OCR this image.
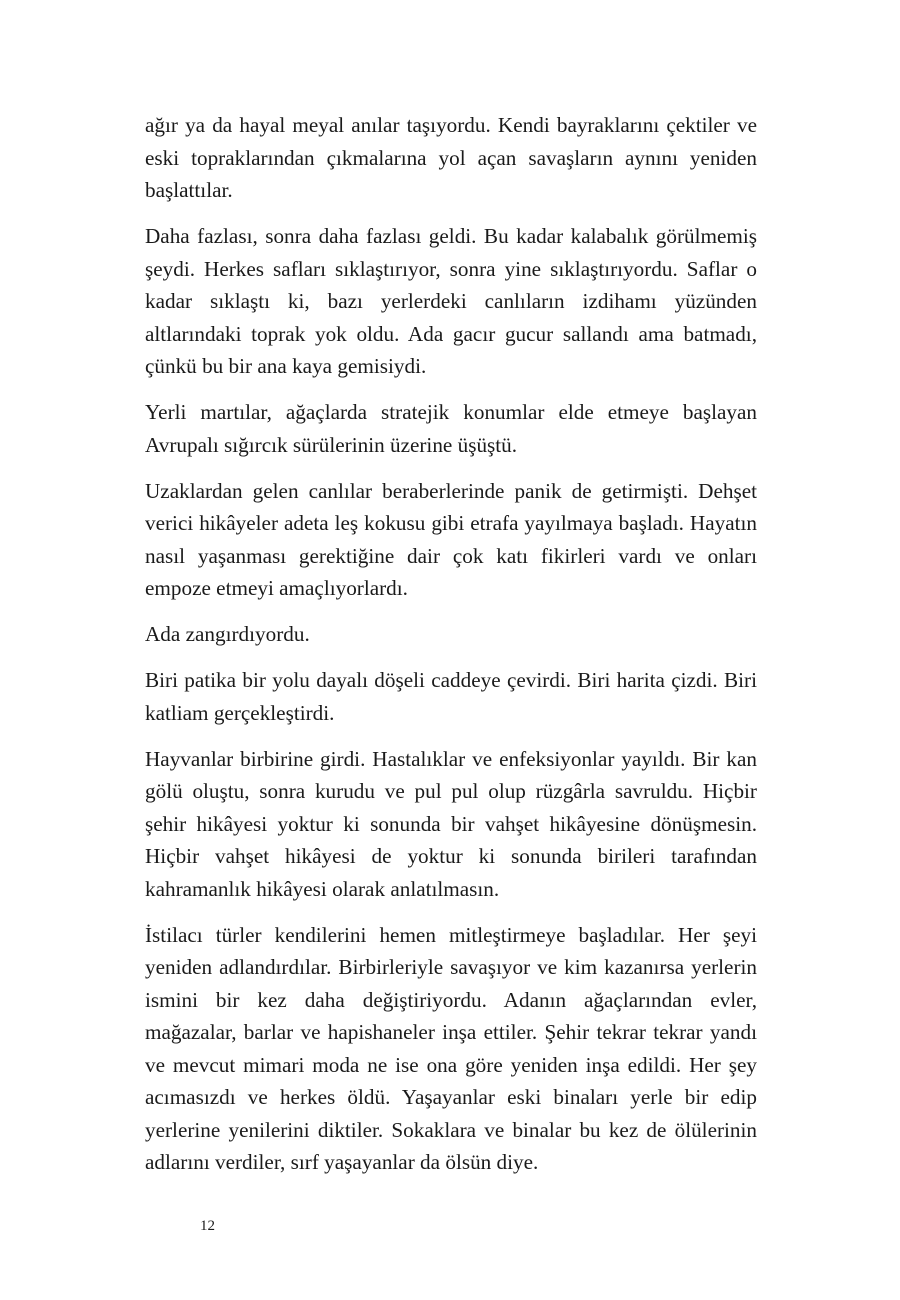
ağır ya da hayal meyal anılar taşıyordu. Kendi bayraklarını çektiler ve eski topraklarından çıkmalarına yol açan savaşların aynını yeniden başlattılar.

Daha fazlası, sonra daha fazlası geldi. Bu kadar kalabalık görülmemiş şeydi. Herkes safları sıklaştırıyor, sonra yine sıklaştırıyordu. Saflar o kadar sıklaştı ki, bazı yerlerdeki canlıların izdihamı yüzünden altlarındaki toprak yok oldu. Ada gacır gucur sallandı ama batmadı, çünkü bu bir ana kaya gemisiydi.

Yerli martılar, ağaçlarda stratejik konumlar elde etmeye başlayan Avrupalı sığırcık sürülerinin üzerine üşüştü.

Uzaklardan gelen canlılar beraberlerinde panik de getirmişti. Dehşet verici hikâyeler adeta leş kokusu gibi etrafa yayılmaya başladı. Hayatın nasıl yaşanması gerektiğine dair çok katı fikirleri vardı ve onları empoze etmeyi amaçlıyorlardı.

Ada zangırdıyordu.

Biri patika bir yolu dayalı döşeli caddeye çevirdi. Biri harita çizdi. Biri katliam gerçekleştirdi.

Hayvanlar birbirine girdi. Hastalıklar ve enfeksiyonlar yayıldı. Bir kan gölü oluştu, sonra kurudu ve pul pul olup rüzgârla savruldu. Hiçbir şehir hikâyesi yoktur ki sonunda bir vahşet hikâyesine dönüşmesin. Hiçbir vahşet hikâyesi de yoktur ki sonunda birileri tarafından kahramanlık hikâyesi olarak anlatılmasın.

İstilacı türler kendilerini hemen mitleştirmeye başladılar. Her şeyi yeniden adlandırdılar. Birbirleriyle savaşıyor ve kim kazanırsa yerlerin ismini bir kez daha değiştiriyordu. Adanın ağaçlarından evler, mağazalar, barlar ve hapishaneler inşa ettiler. Şehir tekrar tekrar yandı ve mevcut mimari moda ne ise ona göre yeniden inşa edildi. Her şey acımasızdı ve herkes öldü. Yaşayanlar eski binaları yerle bir edip yerlerine yenilerini diktiler. Sokaklara ve binalar bu kez de ölülerinin adlarını verdiler, sırf yaşayanlar da ölsün diye.

12
